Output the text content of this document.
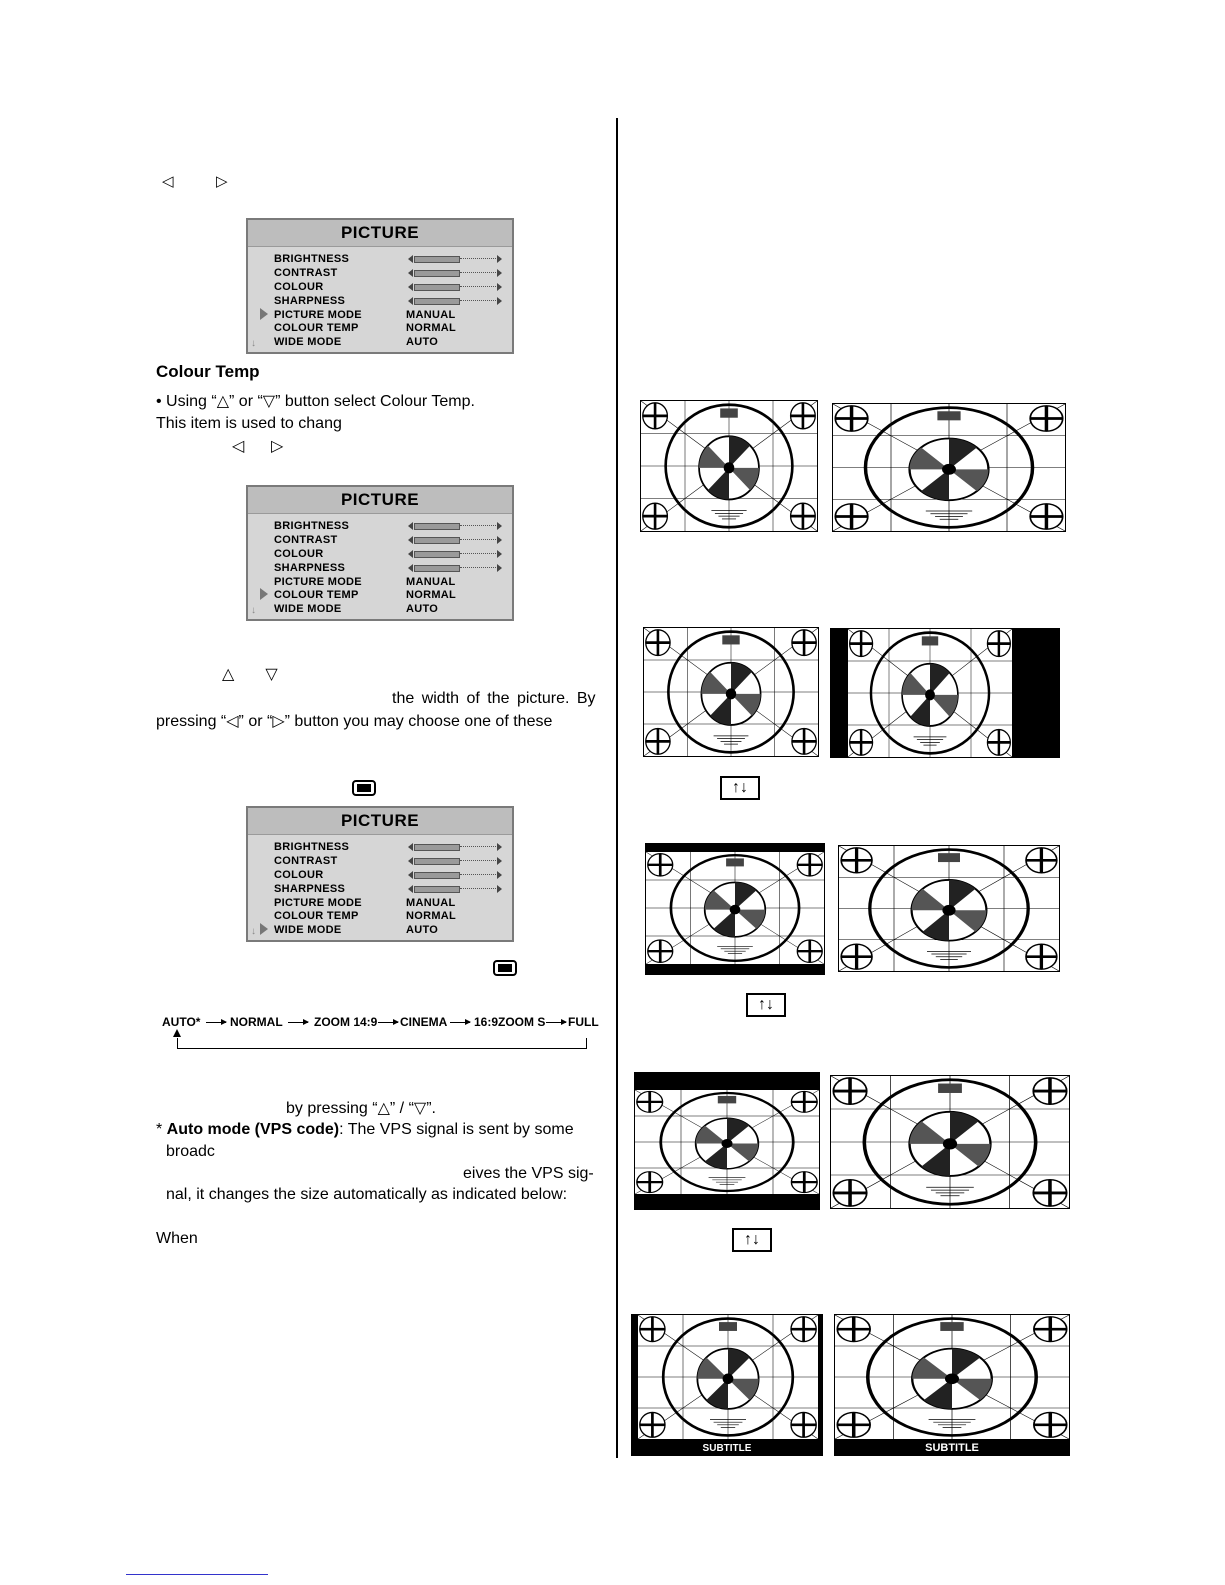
◁	▷
PICTURE
BRIGHTNESS
CONTRAST
COLOUR
SHARPNESS
PICTURE MODE	MANUAL
COLOUR TEMP	NORMAL
WIDE MODE	AUTO
↓
Colour Temp
• Using “△” or “▽” button select Colour Temp.
This item is used to chang
◁      ▷
PICTURE
BRIGHTNESS
CONTRAST
COLOUR
SHARPNESS
PICTURE MODE	MANUAL
COLOUR TEMP	NORMAL
WIDE MODE	AUTO
↓
△       ▽
the width of the picture. By
pressing “◁” or “▷” button you may choose one of these
PICTURE
BRIGHTNESS
CONTRAST
COLOUR
SHARPNESS
PICTURE MODE	MANUAL
COLOUR TEMP	NORMAL
WIDE MODE	AUTO
↓
AUTO* NORMAL	ZOOM 14:9 CINEMA 16:9ZOOM S FULL
by pressing “△” / “▽”.
* Auto mode (VPS code): The VPS signal is sent by some
broadc
eives the VPS sig-
nal, it changes the size automatically as indicated below:
When
↑↓
↑↓
↑↓
SUBTITLE	SUBTITLE
